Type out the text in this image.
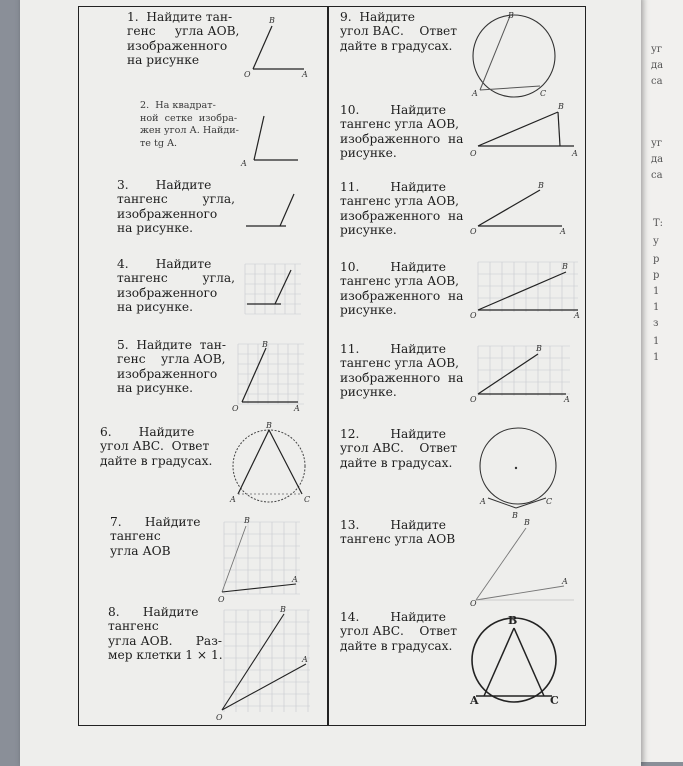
уг
да
са
уг
да
са
Т:
у
р
р
1
1
з
1
1
1.  Найдите тан-
генс     угла АОВ,
изображенного
на рисунке
2.  На квадрат-
ной  сетке  изобра-
жен угол А. Найди-
те tg A.
3.       Найдите
тангенс         угла,
изображенного
на рисунке.
4.       Найдите
тангенс         угла,
изображенного
на рисунке.
5.  Найдите  тан-
генс    угла АОВ,
изображенного
на рисунке.
6.       Найдите
угол АВС.  Ответ
дайте в градусах.
7.      Найдите
тангенс
угла АОВ
8.      Найдите
тангенс
угла АОВ.      Раз-
мер клетки 1 × 1.
9.  Найдите
угол ВАС.    Ответ
дайте в градусах.
10.        Найдите
тангенс угла АОВ,
изображенного  на
рисунке.
11.        Найдите
тангенс угла АОВ,
изображенного  на
рисунке.
10.        Найдите
тангенс угла АОВ,
изображенного  на
рисунке.
11.        Найдите
тангенс угла АОВ,
изображенного  на
рисунке.
12.        Найдите
угол АВС.    Ответ
дайте в градусах.
13.        Найдите
тангенс угла АОВ
14.        Найдите
угол АВС.    Ответ
дайте в градусах.
B
O	A
A
B
O	A
B
A	C
B
A
O
B
A
O
B
A	C
B
O	A
B
O	A
B
O	A
B
O	A
A	C
B
B
A
O
B
A	C
